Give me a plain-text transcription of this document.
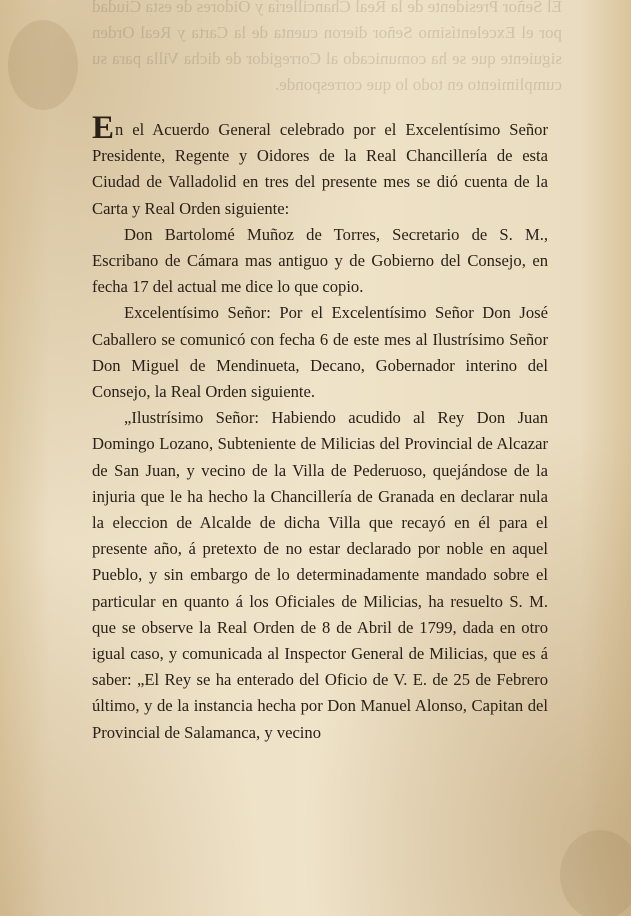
El Señor Presidente de la Real Chancillería y Oidores de esta Ciudad por el Excelentísimo Señor dieron cuenta de la Carta y Real Orden siguiente que se ha comunicado al Corregidor de dicha Villa para su cumplimiento en todo lo que corresponde.

En el Acuerdo General celebrado por el Excelentísimo Señor Presidente, Regente y Oidores de la Real Chancillería de esta Ciudad de Valladolid en tres del presente mes se dió cuenta de la Carta y Real Orden siguiente:

Don Bartolomé Muñoz de Torres, Secretario de S. M., Escribano de Cámara mas antiguo y de Gobierno del Consejo, en fecha 17 del actual me dice lo que copio.

Excelentísimo Señor: Por el Excelentísimo Señor Don José Caballero se comunicó con fecha 6 de este mes al Ilustrísimo Señor Don Miguel de Mendinueta, Decano, Gobernador interino del Consejo, la Real Orden siguiente.

„Ilustrísimo Señor: Habiendo acudido al Rey Don Juan Domingo Lozano, Subteniente de Milicias del Provincial de Alcazar de San Juan, y vecino de la Villa de Pederuoso, quejándose de la injuria que le ha hecho la Chancillería de Granada en declarar nula la eleccion de Alcalde de dicha Villa que recayó en él para el presente año, á pretexto de no estar declarado por noble en aquel Pueblo, y sin embargo de lo determinadamente mandado sobre el particular en quanto á los Oficiales de Milicias, ha resuelto S. M. que se observe la Real Orden de 8 de Abril de 1799, dada en otro igual caso, y comunicada al Inspector General de Milicias, que es á saber: „El Rey se ha enterado del Oficio de V. E. de 25 de Febrero último, y de la instancia hecha por Don Manuel Alonso, Capitan del Provincial de Salamanca, y vecino
